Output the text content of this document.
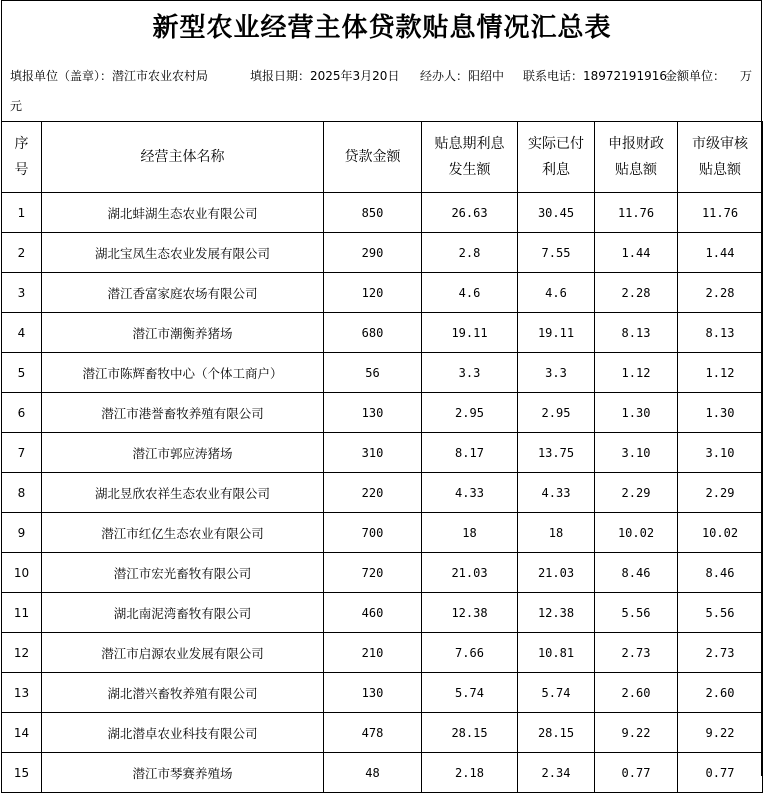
新型农业经营主体贷款贴息情况汇总表
填报单位（盖章）：潜江市农业农村局	填报日期：2025年3月20日 经办人：阳绍中 联系电话：18972191916
金额单位： 万
元
序号	经营主体名称	贷款金额	贴息期利息发生额	实际已付利息	申报财政贴息额	市级审核贴息额
1	湖北蚌湖生态农业有限公司	850	26.63	30.45	11.76	11.76
2	湖北宝凤生态农业发展有限公司	290	2.8	7.55	1.44	1.44
3	潜江香富家庭农场有限公司	120	4.6	4.6	2.28	2.28
4	潜江市潮衡养猪场	680	19.11	19.11	8.13	8.13
5	潜江市陈辉畜牧中心（个体工商户）	56	3.3	3.3	1.12	1.12
6	潜江市港誉畜牧养殖有限公司	130	2.95	2.95	1.30	1.30
7	潜江市郭应涛猪场	310	8.17	13.75	3.10	3.10
8	湖北昱欣农祥生态农业有限公司	220	4.33	4.33	2.29	2.29
9	潜江市红亿生态农业有限公司	700	18	18	10.02	10.02
10	潜江市宏光畜牧有限公司	720	21.03	21.03	8.46	8.46
11	湖北南泥湾畜牧有限公司	460	12.38	12.38	5.56	5.56
12	潜江市启源农业发展有限公司	210	7.66	10.81	2.73	2.73
13	湖北潜兴畜牧养殖有限公司	130	5.74	5.74	2.60	2.60
14	湖北潜卓农业科技有限公司	478	28.15	28.15	9.22	9.22
15	潜江市琴赛养殖场	48	2.18	2.34	0.77	0.77
